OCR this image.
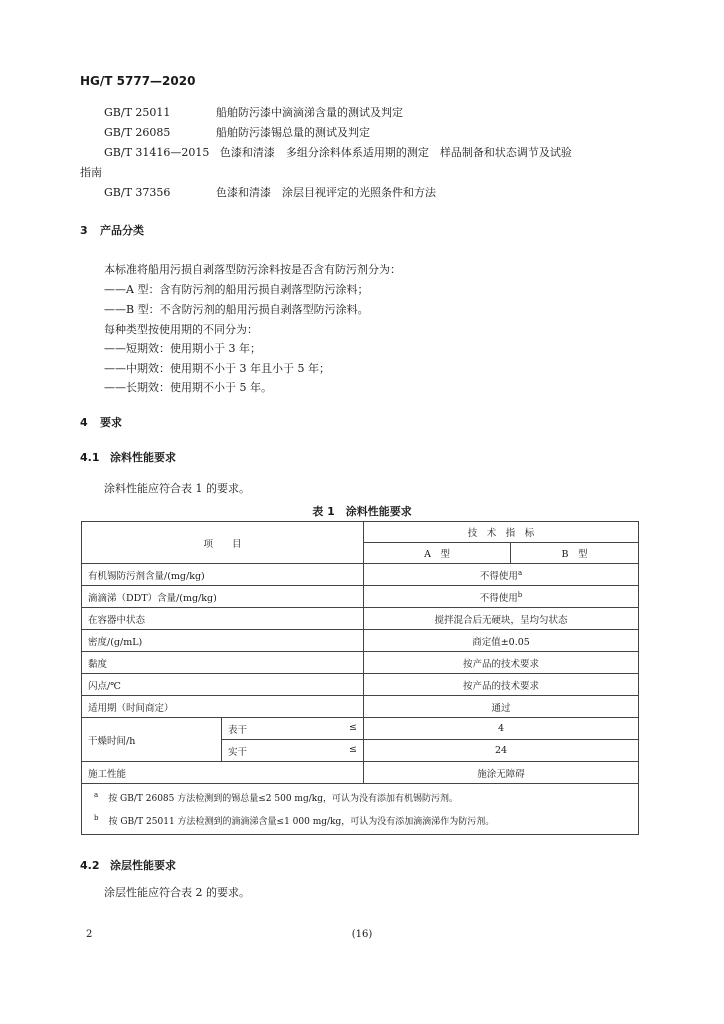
HG/T 5777—2020
GB/T 25011	船舶防污漆中滴滴涕含量的测试及判定
GB/T 26085	船舶防污漆锡总量的测试及判定
GB/T 31416—2015 色漆和清漆　多组分涂料体系适用期的测定　样品制备和状态调节及试验
指南
GB/T 37356	色漆和清漆　涂层目视评定的光照条件和方法
3 产品分类
本标准将船用污损自剥落型防污涂料按是否含有防污剂分为：
——A 型：含有防污剂的船用污损自剥落型防污涂料；
——B 型：不含防污剂的船用污损自剥落型防污涂料。
每种类型按使用期的不同分为：
——短期效：使用期小于 3 年；
——中期效：使用期不小于 3 年且小于 5 年；
——长期效：使用期不小于 5 年。
4 要求
4.1 涂料性能要求
涂料性能应符合表 1 的要求。
表 1　涂料性能要求
项　　目		技　术　指　标	
		A　型	B　型
有机锡防污剂含量/(mg/kg)		不得使用$^a$
滴滴涕（DDT）含量/(mg/kg)		不得使用$^b$
在容器中状态		搅拌混合后无硬块，呈均匀状态	
密度/(g/mL)		商定值±0.05	
黏度		按产品的技术要求	
闪点/℃		按产品的技术要求	
适用期（时间商定）		通过	
干燥时间/h	表干 ≤	4	
	实干 ≤	24	
施工性能		施涂无障碍	

$^a$ 按 GB/T 26085 方法检测到的锡总量≤2 500 mg/kg，可认为没有添加有机锡防污剂。
$^b$ 按 GB/T 25011 方法检测到的滴滴涕含量≤1 000 mg/kg，可认为没有添加滴滴涕作为防污剂。			
4.2 涂层性能要求
涂层性能应符合表 2 的要求。
2	(16)
